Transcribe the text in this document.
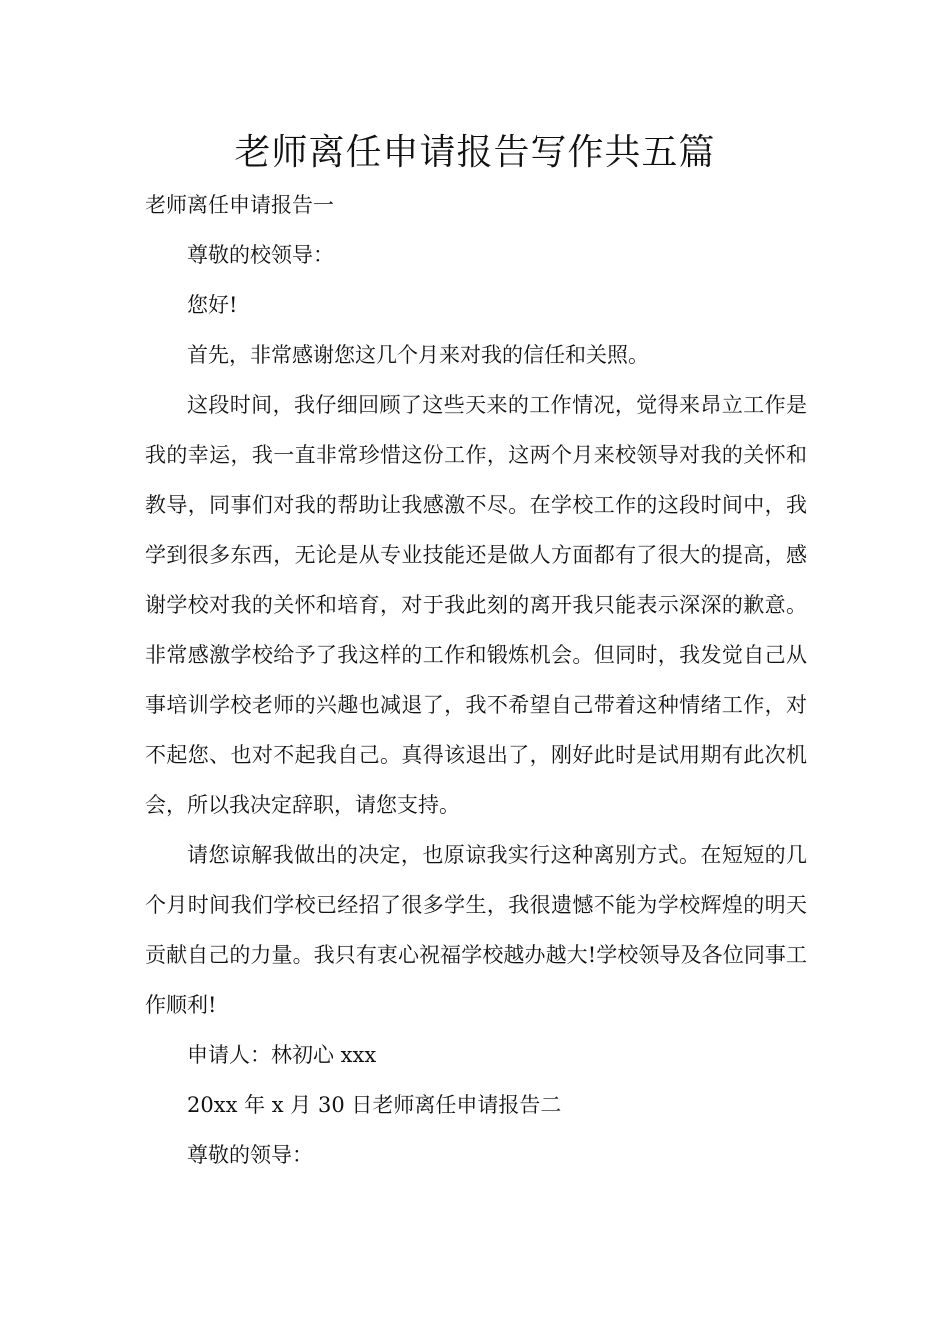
老师离任申请报告写作共五篇

老师离任申请报告一

尊敬的校领导：

您好!

首先，非常感谢您这几个月来对我的信任和关照。

这段时间，我仔细回顾了这些天来的工作情况，觉得来昂立工作是我的幸运，我一直非常珍惜这份工作，这两个月来校领导对我的关怀和教导，同事们对我的帮助让我感激不尽。在学校工作的这段时间中，我学到很多东西，无论是从专业技能还是做人方面都有了很大的提高，感谢学校对我的关怀和培育，对于我此刻的离开我只能表示深深的歉意。非常感激学校给予了我这样的工作和锻炼机会。但同时，我发觉自己从事培训学校老师的兴趣也减退了，我不希望自己带着这种情绪工作，对不起您、也对不起我自己。真得该退出了，刚好此时是试用期有此次机会，所以我决定辞职，请您支持。

请您谅解我做出的决定，也原谅我实行这种离别方式。在短短的几个月时间我们学校已经招了很多学生，我很遗憾不能为学校辉煌的明天贡献自己的力量。我只有衷心祝福学校越办越大!学校领导及各位同事工作顺利!

申请人：林初心 xxx

20xx 年 x 月 30 日老师离任申请报告二

尊敬的领导：
